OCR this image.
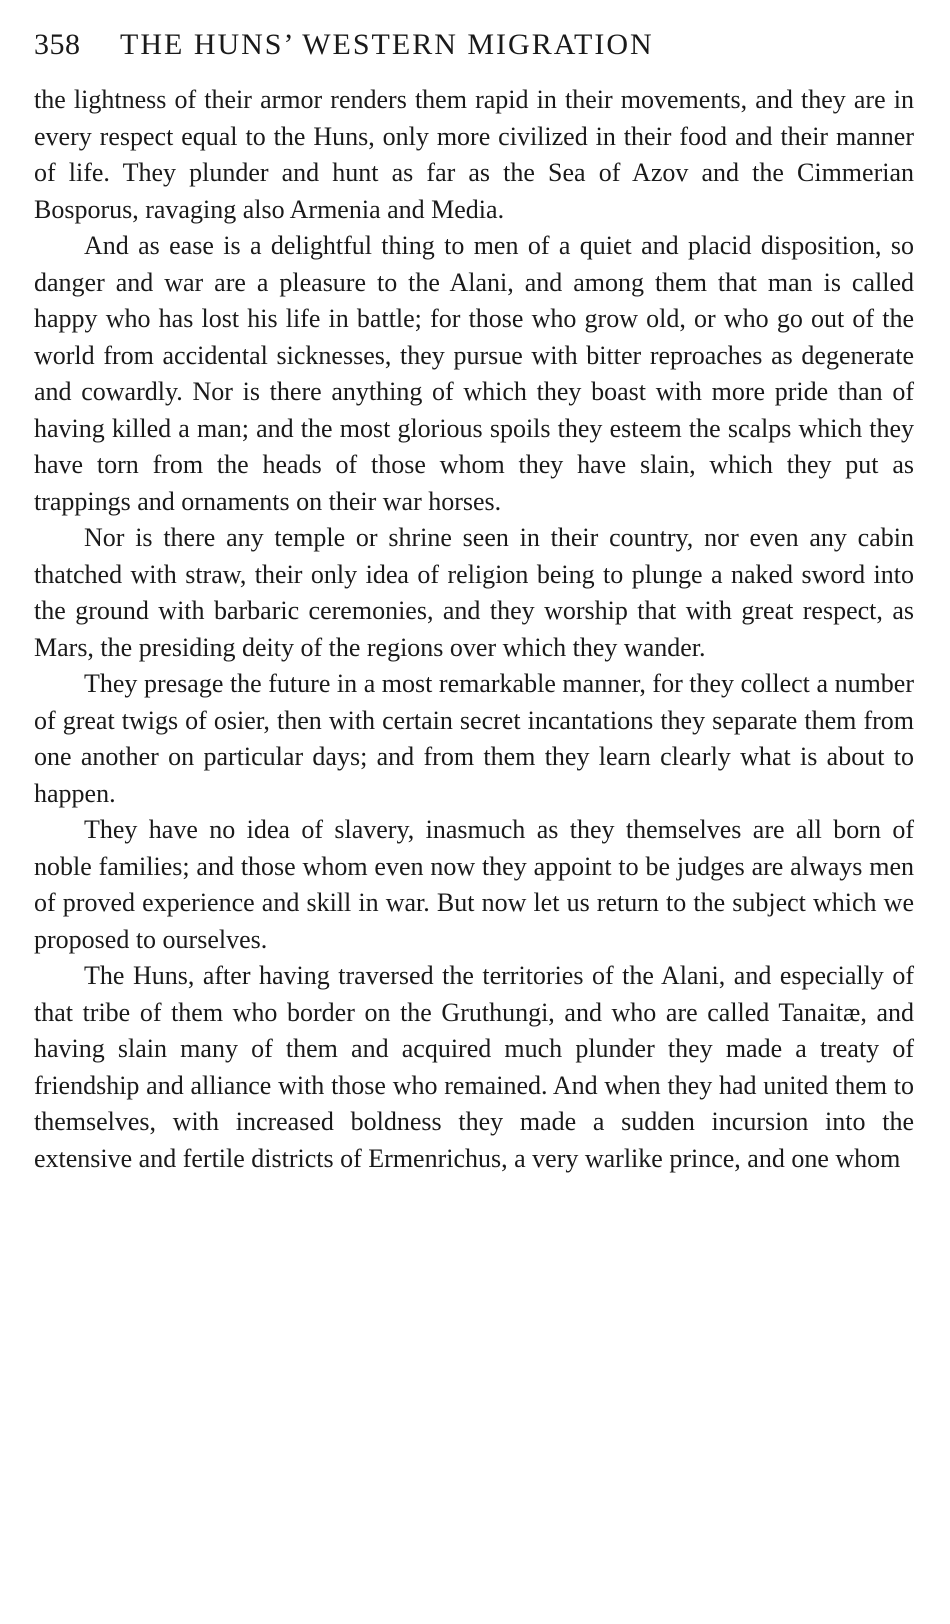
358	THE HUNS’ WESTERN MIGRATION

the lightness of their armor renders them rapid in their movements, and they are in every respect equal to the Huns, only more civilized in their food and their manner of life. They plunder and hunt as far as the Sea of Azov and the Cimmerian Bosporus, ravaging also Armenia and Media.

And as ease is a delightful thing to men of a quiet and placid disposition, so danger and war are a pleasure to the Alani, and among them that man is called happy who has lost his life in battle; for those who grow old, or who go out of the world from accidental sicknesses, they pursue with bitter reproaches as degenerate and cowardly. Nor is there anything of which they boast with more pride than of having killed a man; and the most glorious spoils they esteem the scalps which they have torn from the heads of those whom they have slain, which they put as trappings and ornaments on their war horses.

Nor is there any temple or shrine seen in their country, nor even any cabin thatched with straw, their only idea of religion being to plunge a naked sword into the ground with barbaric ceremonies, and they worship that with great respect, as Mars, the presiding deity of the regions over which they wander.

They presage the future in a most remarkable manner, for they collect a number of great twigs of osier, then with certain secret incantations they separate them from one another on particular days; and from them they learn clearly what is about to happen.

They have no idea of slavery, inasmuch as they themselves are all born of noble families; and those whom even now they appoint to be judges are always men of proved experience and skill in war. But now let us return to the subject which we proposed to ourselves.

The Huns, after having traversed the territories of the Alani, and especially of that tribe of them who border on the Gruthungi, and who are called Tanaitæ, and having slain many of them and acquired much plunder they made a treaty of friendship and alliance with those who remained. And when they had united them to themselves, with increased boldness they made a sudden incursion into the extensive and fertile districts of Ermenrichus, a very warlike prince, and one whom
